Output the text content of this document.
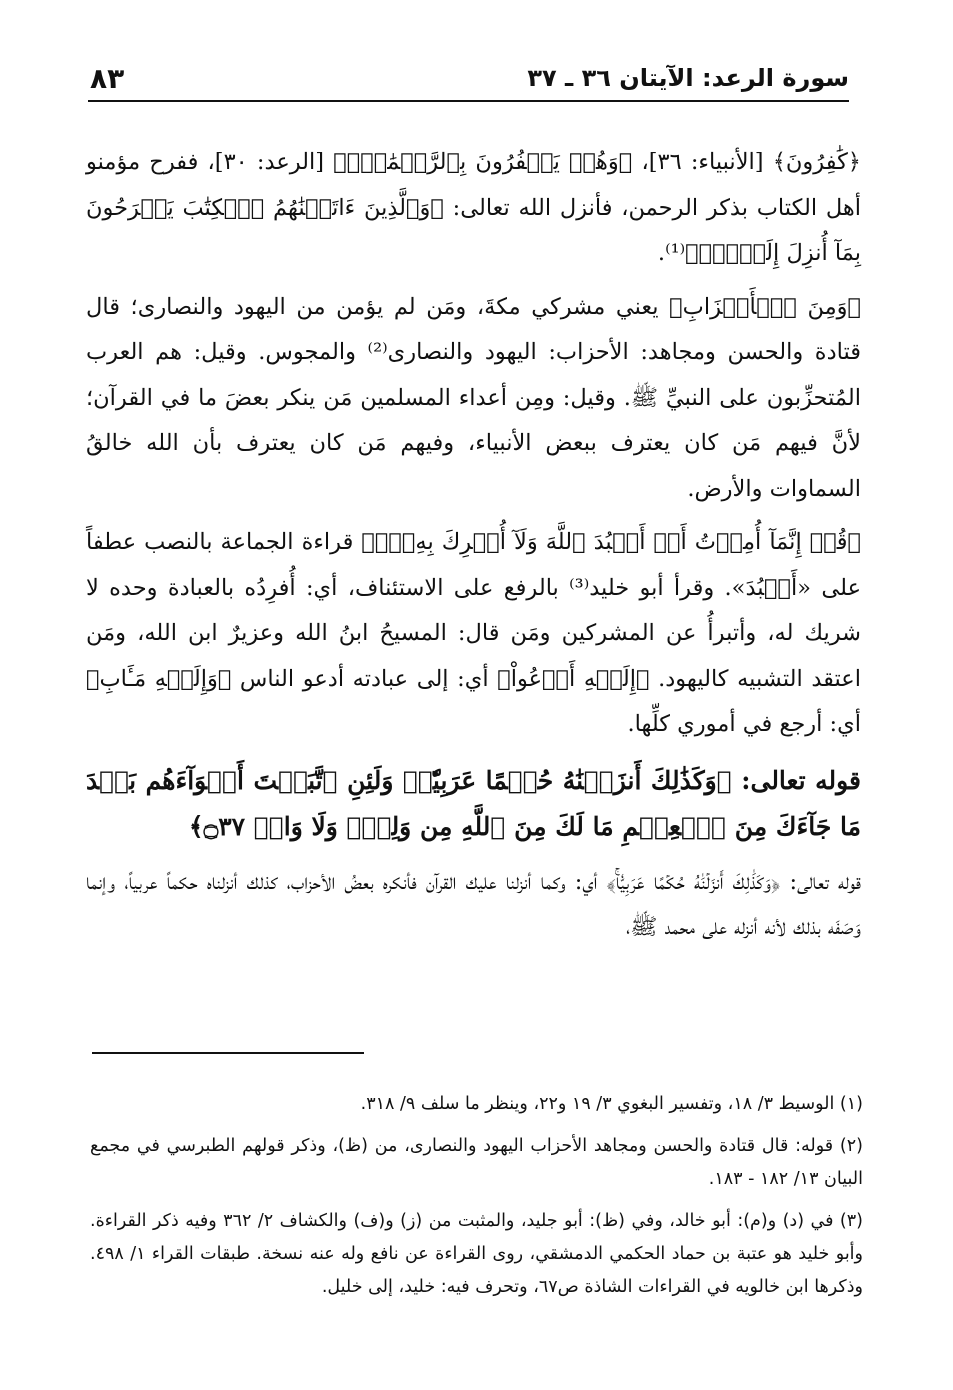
سورة الرعد: الآيتان ٣٦ ـ ٣٧
٨٣

﴿كَٰفِرُونَ﴾ [الأنبياء: ٣٦]، ﴿وَهُمۡ يَكۡفُرُونَ بِٱلرَّحۡمَٰنِۚ﴾ [الرعد: ٣٠]، ففرح مؤمنو أهل الكتاب بذكر الرحمن، فأنزل الله تعالى: ﴿وَٱلَّذِينَ ءَاتَيۡنَٰهُمُ ٱلۡكِتَٰبَ يَفۡرَحُونَ بِمَآ أُنزِلَ إِلَيۡكَۖ﴾⁽¹⁾.

﴿وَمِنَ ٱلۡأَحۡزَابِ﴾ يعني مشركي مكةَ، ومَن لم يؤمن من اليهود والنصارى؛ قال قتادة والحسن ومجاهد: الأحزاب: اليهود والنصارى⁽²⁾ والمجوس. وقيل: هم العرب المُتحزِّبون على النبيِّ ﷺ. وقيل: ومِن أعداء المسلمين مَن ينكر بعضَ ما في القرآن؛ لأنَّ فيهم مَن كان يعترف ببعض الأنبياء، وفيهم مَن كان يعترف بأن الله خالقُ السماوات والأرض.

﴿قُلۡ إِنَّمَآ أُمِرۡتُ أَنۡ أَعۡبُدَ ٱللَّهَ وَلَآ أُشۡرِكَ بِهِۦٓۚ﴾ قراءة الجماعة بالنصب عطفاً على «أَعۡبُدَ». وقرأ أبو خليد⁽³⁾ بالرفع على الاستئناف، أي: أُفرِدُه بالعبادة وحده لا شريك له، وأتبرأُ عن المشركين ومَن قال: المسيحُ ابنُ الله وعزيرٌ ابن الله، ومَن اعتقد التشبيه كاليهود. ﴿إِلَيۡهِ أَدۡعُواْ﴾ أي: إلى عبادته أدعو الناس ﴿وَإِلَيۡهِ مَـَٔابِ﴾ أي: أرجع في أموري كلِّها.

قوله تعالى: ﴿وَكَذَٰلِكَ أَنزَلۡنَٰهُ حُكۡمًا عَرَبِيّٗاۚ وَلَئِنِ ٱتَّبَعۡتَ أَهۡوَآءَهُم بَعۡدَ مَا جَآءَكَ مِنَ ٱلۡعِلۡمِ مَا لَكَ مِنَ ٱللَّهِ مِن وَلِيّٖ وَلَا وَاقٖ ۝٣٧﴾

قوله تعالى: ﴿وَكَذَٰلِكَ أَنزَلۡنَٰهُ حُكۡمًا عَرَبِيّٗاۚ﴾ أي: وكما أنزلنا عليك القرآن فأنكره بعضُ الأحزاب، كذلك أنزلناه حكماً عربياً، وإنما وَصَفَه بذلك لأنه أنزله على محمد ﷺ،

(١) الوسيط ٣/ ١٨، وتفسير البغوي ٣/ ١٩ و٢٢، وينظر ما سلف ٩/ ٣١٨.

(٢) قوله: قال قتادة والحسن ومجاهد الأحزاب اليهود والنصارى، من (ظ)، وذكر قولهم الطبرسي في مجمع البيان ١٣/ ١٨٢ - ١٨٣.

(٣) في (د) و(م): أبو خالد، وفي (ظ): أبو جليد، والمثبت من (ز) و(ف) والكشاف ٢/ ٣٦٢ وفيه ذكر القراءة. وأبو خليد هو عتبة بن حماد الحكمي الدمشقي، روى القراءة عن نافع وله عنه نسخة. طبقات القراء ١/ ٤٩٨. وذكرها ابن خالويه في القراءات الشاذة ص٦٧، وتحرف فيه: خليد، إلى خليل.
